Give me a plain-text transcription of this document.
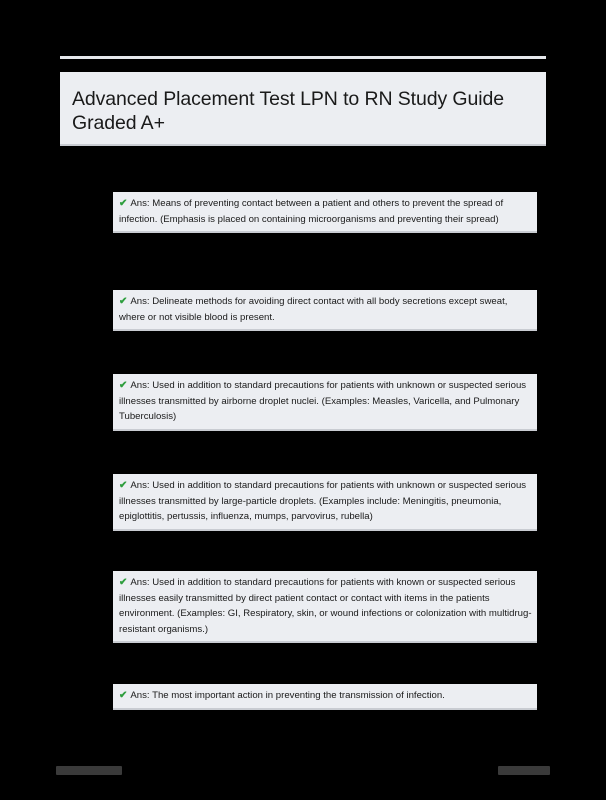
Advanced Placement Test LPN to RN Study Guide Graded A+
✔ Ans: Means of preventing contact between a patient and others to prevent the spread of infection. (Emphasis is placed on containing microorganisms and preventing their spread)
✔ Ans: Delineate methods for avoiding direct contact with all body secretions except sweat, where or not visible blood is present.
✔ Ans: Used in addition to standard precautions for patients with unknown or suspected serious illnesses transmitted by airborne droplet nuclei. (Examples: Measles, Varicella, and Pulmonary Tuberculosis)
✔ Ans: Used in addition to standard precautions for patients with unknown or suspected serious illnesses transmitted by large-particle droplets. (Examples include: Meningitis, pneumonia, epiglottitis, pertussis, influenza, mumps, parvovirus, rubella)
✔ Ans: Used in addition to standard precautions for patients with known or suspected serious illnesses easily transmitted by direct patient contact or contact with items in the patients environment. (Examples: GI, Respiratory, skin, or wound infections or colonization with multidrug-resistant organisms.)
✔ Ans: The most important action in preventing the transmission of infection.
